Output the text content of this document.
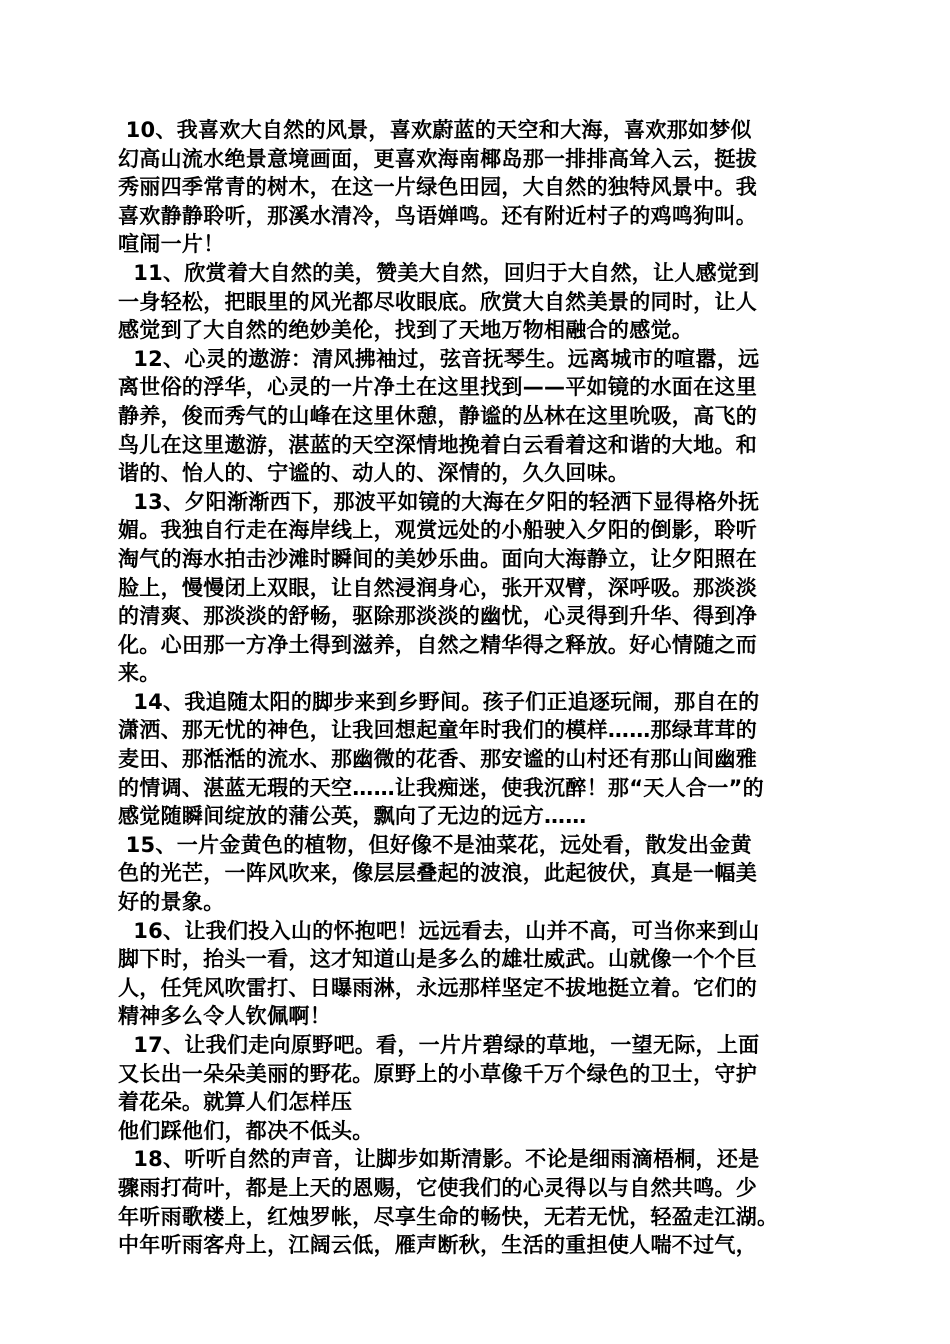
10、我喜欢大自然的风景，喜欢蔚蓝的天空和大海，喜欢那如梦似
幻高山流水绝景意境画面，更喜欢海南椰岛那一排排高耸入云，挺拔
秀丽四季常青的树木，在这一片绿色田园，大自然的独特风景中。我
喜欢静静聆听，那溪水清冷，鸟语婵鸣。还有附近村子的鸡鸣狗叫。
喧闹一片！
11、欣赏着大自然的美，赞美大自然，回归于大自然，让人感觉到
一身轻松，把眼里的风光都尽收眼底。欣赏大自然美景的同时，让人
感觉到了大自然的绝妙美伦，找到了天地万物相融合的感觉。
12、心灵的遨游：清风拂袖过，弦音抚琴生。远离城市的喧嚣，远
离世俗的浮华，心灵的一片净土在这里找到——平如镜的水面在这里
静养，俊而秀气的山峰在这里休憩，静谧的丛林在这里吮吸，高飞的
鸟儿在这里遨游，湛蓝的天空深情地挽着白云看着这和谐的大地。和
谐的、怡人的、宁谧的、动人的、深情的，久久回味。
13、夕阳渐渐西下，那波平如镜的大海在夕阳的轻洒下显得格外抚
媚。我独自行走在海岸线上，观赏远处的小船驶入夕阳的倒影，聆听
淘气的海水拍击沙滩时瞬间的美妙乐曲。面向大海静立，让夕阳照在
脸上，慢慢闭上双眼，让自然浸润身心，张开双臂，深呼吸。那淡淡
的清爽、那淡淡的舒畅，驱除那淡淡的幽忧，心灵得到升华、得到净
化。心田那一方净土得到滋养，自然之精华得之释放。好心情随之而
来。
14、我追随太阳的脚步来到乡野间。孩子们正追逐玩闹，那自在的
潇洒、那无忧的神色，让我回想起童年时我们的模样……那绿茸茸的
麦田、那湉湉的流水、那幽微的花香、那安谧的山村还有那山间幽雅
的情调、湛蓝无瑕的天空……让我痴迷，使我沉醉！那“天人合一”的
感觉随瞬间绽放的蒲公英，飘向了无边的远方……
15、一片金黄色的植物，但好像不是油菜花，远处看，散发出金黄
色的光芒，一阵风吹来，像层层叠起的波浪，此起彼伏，真是一幅美
好的景象。
16、让我们投入山的怀抱吧！远远看去，山并不高，可当你来到山
脚下时，抬头一看，这才知道山是多么的雄壮威武。山就像一个个巨
人，任凭风吹雷打、日曝雨淋，永远那样坚定不拔地挺立着。它们的
精神多么令人钦佩啊！
17、让我们走向原野吧。看，一片片碧绿的草地，一望无际，上面
又长出一朵朵美丽的野花。原野上的小草像千万个绿色的卫士，守护
着花朵。就算人们怎样压
他们踩他们，都决不低头。
18、听听自然的声音，让脚步如斯清影。不论是细雨滴梧桐，还是
骤雨打荷叶，都是上天的恩赐，它使我们的心灵得以与自然共鸣。少
年听雨歌楼上，红烛罗帐，尽享生命的畅快，无若无忧，轻盈走江湖。
中年听雨客舟上，江阔云低，雁声断秋，生活的重担使人喘不过气，
